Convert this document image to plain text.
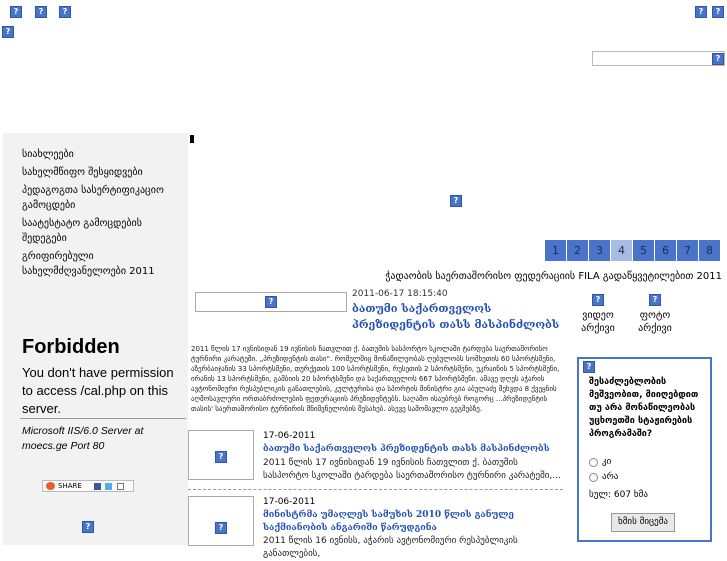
?	?	?
?
?	?
?
სიახლეები
სახელმწიფო შესყიდვები
პედაგოგთა სასერტიფიკაციო გამოცდები
საატესტატო გამოცდების შედეგები
გრიფირებული სახელმძღვანელოები 2011
Forbidden
You don't have permission to access /cal.php on this server.
Microsoft IIS/6.0 Server at moecs.ge Port 80
SHARE
?
?
1	2	3	4	5	6	7	8
ჭადაობის საერთაშორისო ფედერაციის FILA გადაწყვეტილებით 2011
?
2011-06-17 18:15:40
ბათუმი საქართველოს პრეზიდენტის თასს მასპინძლობს
?
ვიდეო არქივი
?
ფოტო არქივი
2011 წლის 17 ივნისიდან 19 ივნისის ჩათვლით ქ. ბათუმის სასპორტო სკოლაში ტარდება საერთაშორისო ტურნირი კარატეში. „პრეზიდენტის თასი“. რომელშიც მონაწილეობას ღებულობს სომხეთის 60 სპორტსმენი, აზერბაიჯანის 33 სპორტსმენი, თურქეთის 100 სპორტსმენი, რუსეთის 2 სპორტსმენი, უკრაინის 5 სპორტსმენი, ირანის 13 სპორტსმენი, გამბიის 20 სპორტსმენი და საქართველოს 667 სპორტსმენი. ამავე დღეს აჭარის ავტონომიური რესპუბლიკის განათლების, კულტურისა და სპორტის მინისტრი გია აბულაძე შეხვდა 8 ქვეყნის აღმოსავლური ორთაბრძოლების ფედერაციის პრეზიდენტებს. საღამო ისაუბრებ როგორც ...პრეზიდენტის თასის' საერთაშორისო ტურნირის მნიშვნელობის შესახებ. ასევე სამომავლო გეგმებზე.
?
17-06-2011
ბათუმი საქართველოს პრეზიდენტის თასს მასპინძლობს
2011 წლის 17 ივნისიდან 19 ივნისის ჩათვლით ქ. ბათუმის სასპორტო სკოლაში ტარდება საერთაშორისო ტურნირი კარატეში,...
?
17-06-2011
მინისტრმა უმაღლეს სამუხის 2010 წლის განულე საქმიანობის ანგარიში წარუდგინა
2011 წლის 16 ივნისს, აჭარის ავტონომიური რესპუბლიკის განათლების,
?
შესაძლებლობის მეშვეობით, მიიღებდით თუ არა მონაწილეობას უცხოეთში სტაჟირების პროგრამაში?
კი
არა
სულ: 607 ხმა
ხმის მიცემა
